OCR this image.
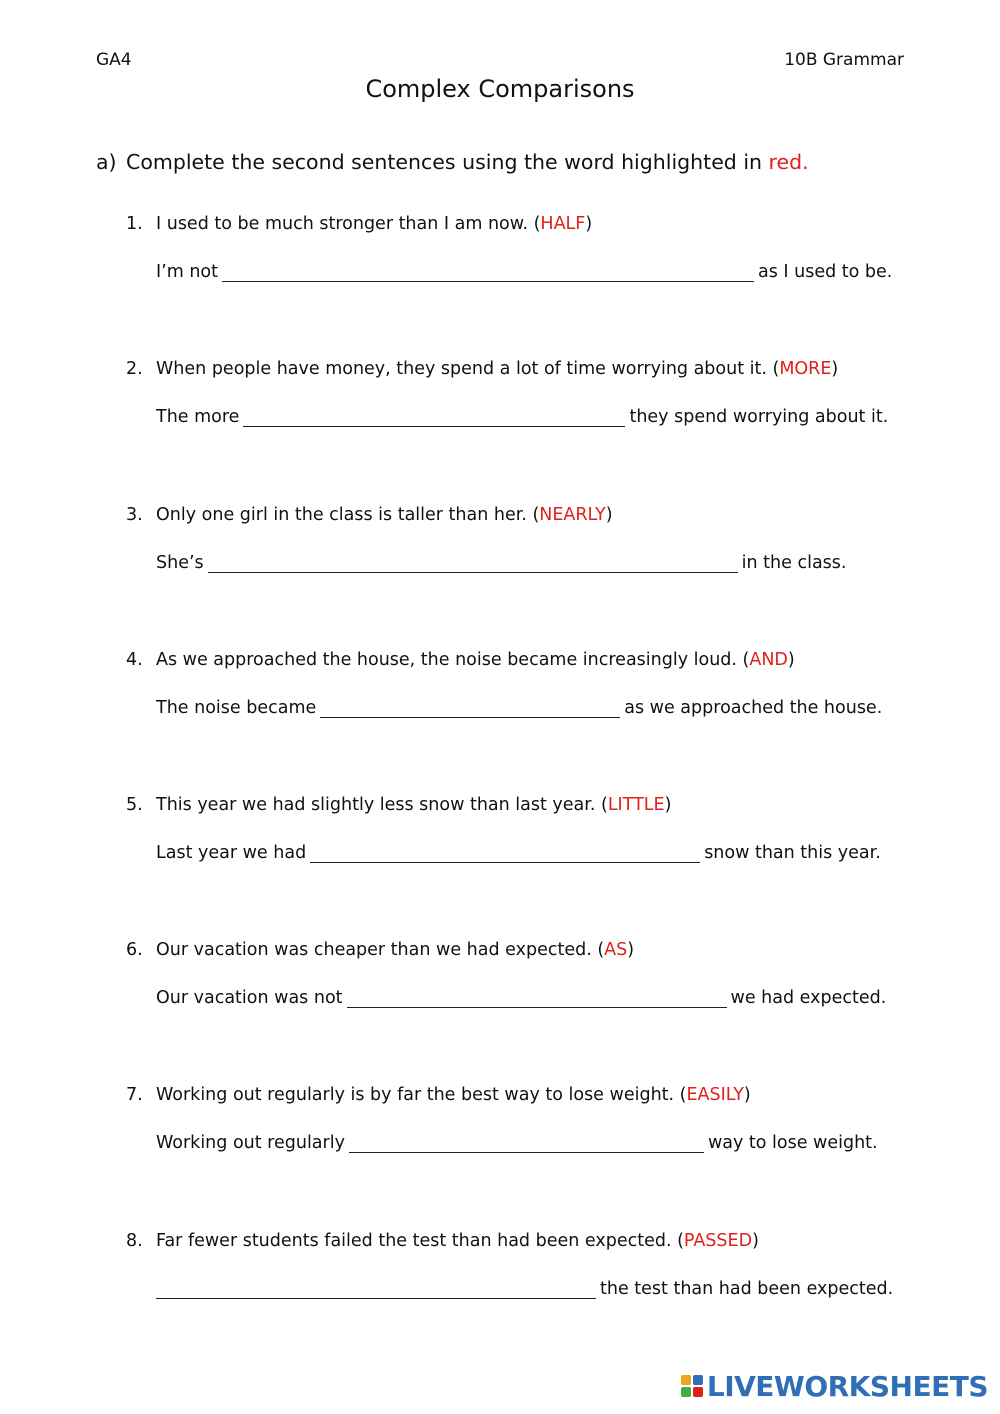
GA4	10B Grammar
Complex Comparisons
a) Complete the second sentences using the word highlighted in red.
1. I used to be much stronger than I am now. (HALF)
I’m not	as I used to be.
2. When people have money, they spend a lot of time worrying about it. (MORE)
The more	they spend worrying about it.
3. Only one girl in the class is taller than her. (NEARLY)
She’s	in the class.
4. As we approached the house, the noise became increasingly loud. (AND)
The noise became	as we approached the house.
5. This year we had slightly less snow than last year. (LITTLE)
Last year we had	snow than this year.
6. Our vacation was cheaper than we had expected. (AS)
Our vacation was not	we had expected.
7. Working out regularly is by far the best way to lose weight. (EASILY)
Working out regularly	way to lose weight.
8. Far fewer students failed the test than had been expected. (PASSED)
the test than had been expected.
LIVEWORKSHEETS
